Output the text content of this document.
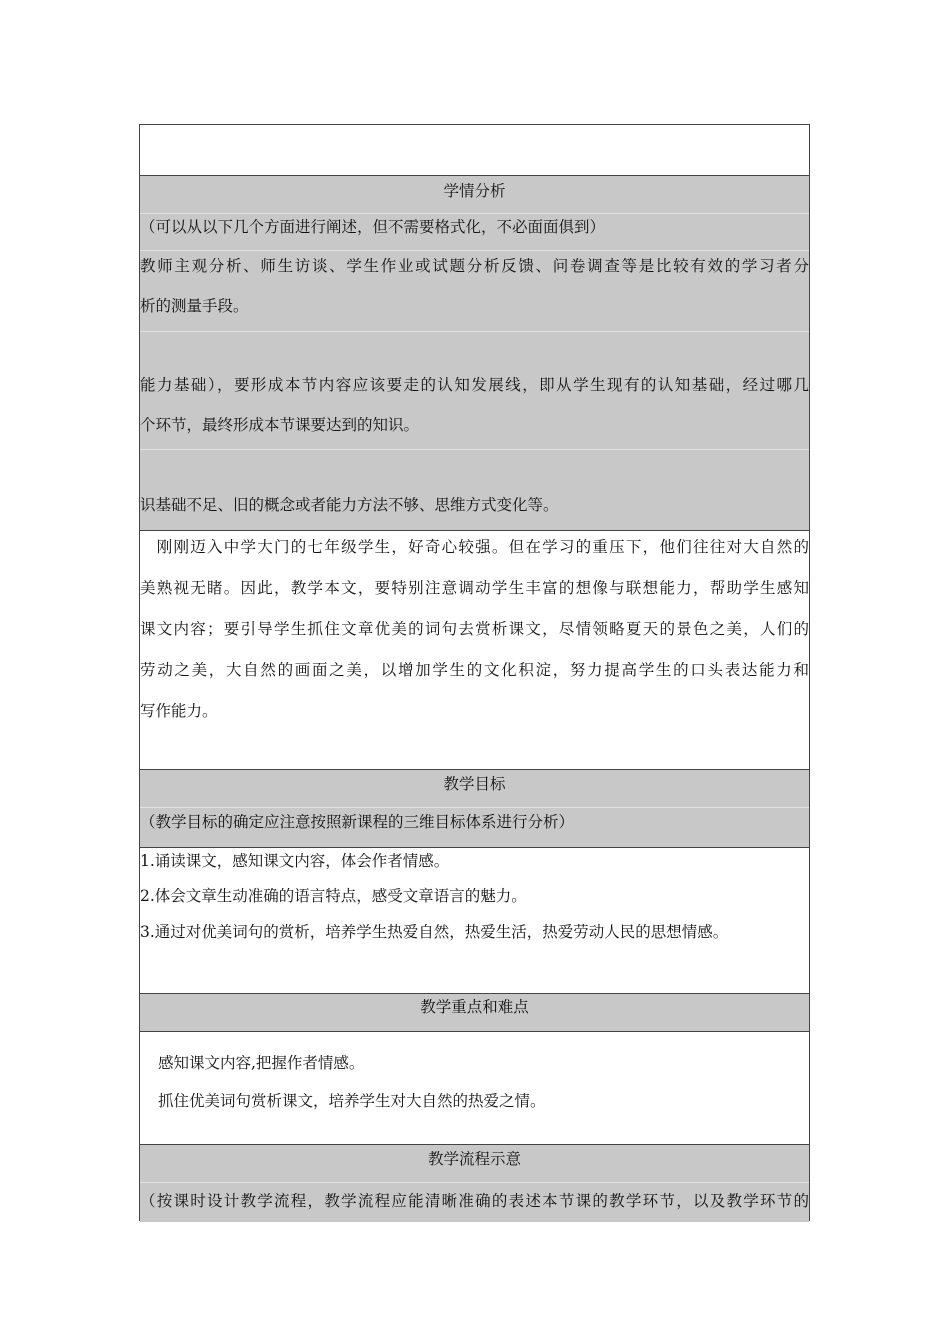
学情分析
（可以从以下几个方面进行阐述，但不需要格式化，不必面面俱到）
教师主观分析、师生访谈、学生作业或试题分析反馈、问卷调查等是比较有效的学习者分
析的测量手段。
能力基础），要形成本节内容应该要走的认知发展线，即从学生现有的认知基础，经过哪几
个环节，最终形成本节课要达到的知识。
识基础不足、旧的概念或者能力方法不够、思维方式变化等。
　刚刚迈入中学大门的七年级学生，好奇心较强。但在学习的重压下，他们往往对大自然的
美熟视无睹。因此，教学本文，要特别注意调动学生丰富的想像与联想能力，帮助学生感知
课文内容；要引导学生抓住文章优美的词句去赏析课文，尽情领略夏天的景色之美，人们的
劳动之美，大自然的画面之美，以增加学生的文化积淀，努力提高学生的口头表达能力和
写作能力。
教学目标
（教学目标的确定应注意按照新课程的三维目标体系进行分析）
1.诵读课文，感知课文内容，体会作者情感。
2.体会文章生动准确的语言特点，感受文章语言的魅力。
3.通过对优美词句的赏析，培养学生热爱自然，热爱生活，热爱劳动人民的思想情感。
教学重点和难点
感知课文内容,把握作者情感。
抓住优美词句赏析课文，培养学生对大自然的热爱之情。
教学流程示意
（按课时设计教学流程，教学流程应能清晰准确的表述本节课的教学环节，以及教学环节的
